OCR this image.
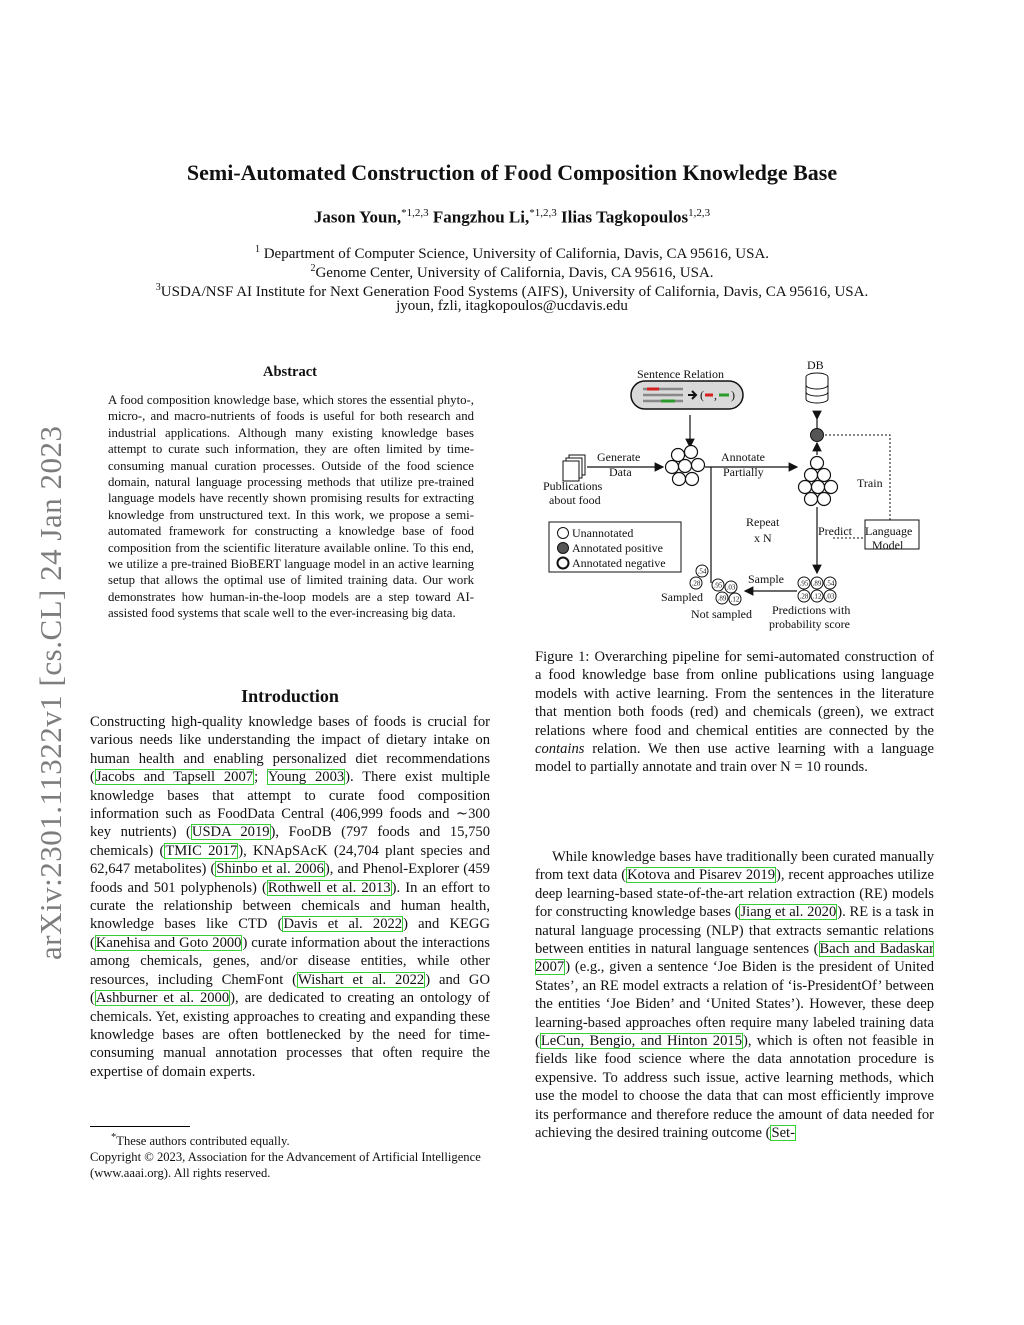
arXiv:2301.11322v1 [cs.CL] 24 Jan 2023
Semi-Automated Construction of Food Composition Knowledge Base
Jason Youn,$^{*1,2,3}$ Fangzhou Li,$^{*1,2,3}$ Ilias Tagkopoulos$^{1,2,3}$
$^1$ Department of Computer Science, University of California, Davis, CA 95616, USA.
$^2$Genome Center, University of California, Davis, CA 95616, USA.
$^3$USDA/NSF AI Institute for Next Generation Food Systems (AIFS), University of California, Davis, CA 95616, USA.
jyoun, fzli, itagkopoulos@ucdavis.edu
Abstract
A food composition knowledge base, which stores the essential phyto-, micro-, and macro-nutrients of foods is useful for both research and industrial applications. Although many existing knowledge bases attempt to curate such information, they are often limited by time-consuming manual curation processes. Outside of the food science domain, natural language processing methods that utilize pre-trained language models have recently shown promising results for extracting knowledge from unstructured text. In this work, we propose a semi-automated framework for constructing a knowledge base of food composition from the scientific literature available online. To this end, we utilize a pre-trained BioBERT language model in an active learning setup that allows the optimal use of limited training data. Our work demonstrates how human-in-the-loop models are a step toward AI-assisted food systems that scale well to the ever-increasing big data.
Introduction
Constructing high-quality knowledge bases of foods is crucial for various needs like understanding the impact of dietary intake on human health and enabling personalized diet recommendations (Jacobs and Tapsell 2007; Young 2003). There exist multiple knowledge bases that attempt to curate food composition information such as FoodData Central (406,999 foods and ∼300 key nutrients) (USDA 2019), FooDB (797 foods and 15,750 chemicals) (TMIC 2017), KNApSAcK (24,704 plant species and 62,647 metabolites) (Shinbo et al. 2006), and Phenol-Explorer (459 foods and 501 polyphenols) (Rothwell et al. 2013). In an effort to curate the relationship between chemicals and human health, knowledge bases like CTD (Davis et al. 2022) and KEGG (Kanehisa and Goto 2000) curate information about the interactions among chemicals, genes, and/or disease entities, while other resources, including ChemFont (Wishart et al. 2022) and GO (Ashburner et al. 2000), are dedicated to creating an ontology of chemicals. Yet, existing approaches to creating and expanding these knowledge bases are often bottlenecked by the need for time-consuming manual annotation processes that often require the expertise of domain experts.
*These authors contributed equally.
Copyright © 2023, Association for the Advancement of Artificial Intelligence (www.aaai.org). All rights reserved.
Sentence Relation
( , )
DB
Publications
about food
Generate
Data
Annotate
Partially
Train
Language
Model
Predict
Repeat
x N
Unannotated
Annotated positive
Annotated negative
.54
.28
Sampled
.95 .03
.89 .12
Not sampled
Sample .95 .89 .54
.28 .12 .03
Predictions with
probability score
Figure 1: Overarching pipeline for semi-automated construction of a food knowledge base from online publications using language models with active learning. From the sentences in the literature that mention both foods (red) and chemicals (green), we extract relations where food and chemical entities are connected by the contains relation. We then use active learning with a language model to partially annotate and train over N = 10 rounds.
While knowledge bases have traditionally been curated manually from text data (Kotova and Pisarev 2019), recent approaches utilize deep learning-based state-of-the-art relation extraction (RE) models for constructing knowledge bases (Jiang et al. 2020). RE is a task in natural language processing (NLP) that extracts semantic relations between entities in natural language sentences (Bach and Badaskar 2007) (e.g., given a sentence ‘Joe Biden is the president of United States’, an RE model extracts a relation of ‘is-PresidentOf’ between the entities ‘Joe Biden’ and ‘United States’). However, these deep learning-based approaches often require many labeled training data (LeCun, Bengio, and Hinton 2015), which is often not feasible in fields like food science where the data annotation procedure is expensive. To address such issue, active learning methods, which use the model to choose the data that can most efficiently improve its performance and therefore reduce the amount of data needed for achieving the desired training outcome (Set-
